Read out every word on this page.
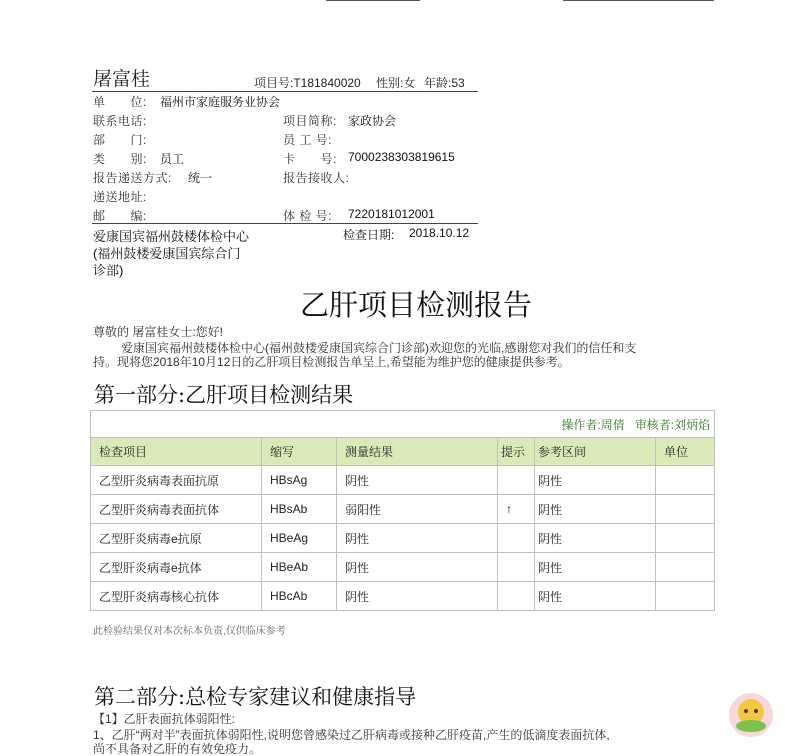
屠富桂	项目号:T181840020 性别:女 年龄:53
单　　位: 福州市家庭服务业协会
联系电话:	项目简称: 家政协会
部　　门:	员 工 号:
类　　别: 员工	卡　　号: 7000238303819615
报告递送方式: 统一	报告接收人:
递送地址:
邮　　编:	体 检 号: 7220181012001
爱康国宾福州鼓楼体检中心
(福州鼓楼爱康国宾综合门
诊部)
检查日期: 2018.10.12
乙肝项目检测报告
尊敬的 屠富桂女士:您好!
爱康国宾福州鼓楼体检中心(福州鼓楼爱康国宾综合门诊部)欢迎您的光临,感谢您对我们的信任和支
持。现将您2018年10月12日的乙肝项目检测报告单呈上,希望能为维护您的健康提供参考。
第一部分:乙肝项目检测结果
操作者:周倩 审核者:刘炳焰					
检查项目	缩写	测量结果	提示	参考区间	单位
乙型肝炎病毒表面抗原	HBsAg	阴性		阴性	
乙型肝炎病毒表面抗体	HBsAb	弱阳性	↑	阴性	
乙型肝炎病毒e抗原	HBeAg	阴性		阴性	
乙型肝炎病毒e抗体	HBeAb	阴性		阴性	
乙型肝炎病毒核心抗体	HBcAb	阴性		阴性	
此检验结果仅对本次标本负责,仅供临床参考
第二部分:总检专家建议和健康指导
【1】乙肝表面抗体弱阳性:
1、乙肝“两对半”表面抗体弱阳性,说明您曾感染过乙肝病毒或接种乙肝疫苗,产生的低滴度表面抗体,
尚不具备对乙肝的有效免疫力。
